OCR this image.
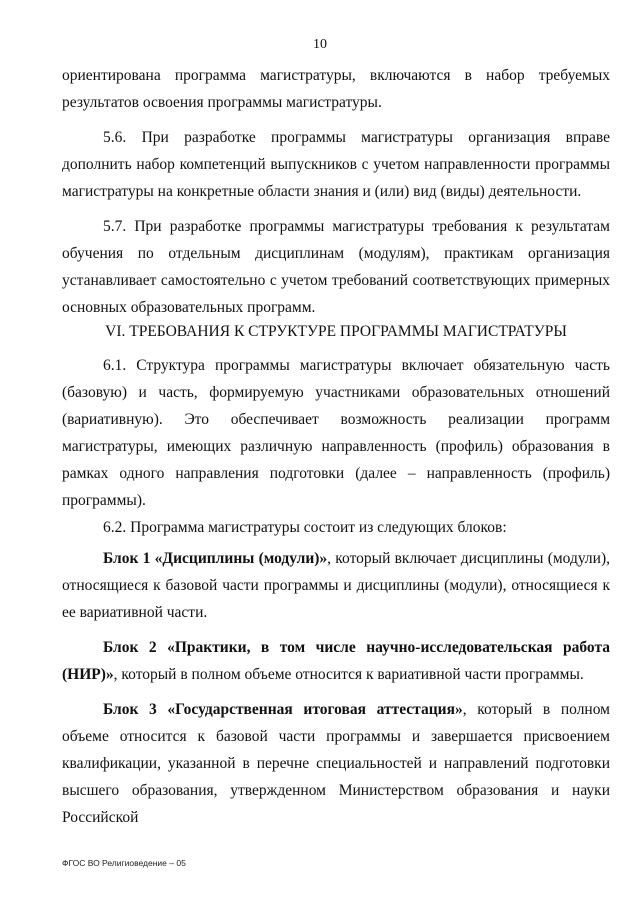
10

ориентирована программа магистратуры, включаются в набор требуемых результатов освоения программы магистратуры.

5.6. При разработке программы магистратуры организация вправе дополнить набор компетенций выпускников с учетом направленности программы магистратуры на конкретные области знания и (или) вид (виды) деятельности.

5.7. При разработке программы магистратуры требования к результатам обучения по отдельным дисциплинам (модулям), практикам организация устанавливает самостоятельно с учетом требований соответствующих примерных основных образовательных программ.

VI. ТРЕБОВАНИЯ К СТРУКТУРЕ ПРОГРАММЫ МАГИСТРАТУРЫ

6.1. Структура программы магистратуры включает обязательную часть (базовую) и часть, формируемую участниками образовательных отношений (вариативную). Это обеспечивает возможность реализации программ магистратуры, имеющих различную направленность (профиль) образования в рамках одного направления подготовки (далее – направленность (профиль) программы).

6.2. Программа магистратуры состоит из следующих блоков:

Блок 1 «Дисциплины (модули)», который включает дисциплины (модули), относящиеся к базовой части программы и дисциплины (модули), относящиеся к ее вариативной части.

Блок 2 «Практики, в том числе научно-исследовательская работа (НИР)», который в полном объеме относится к вариативной части программы.

Блок 3 «Государственная итоговая аттестация», который в полном объеме относится к базовой части программы и завершается присвоением квалификации, указанной в перечне специальностей и направлений подготовки высшего образования, утвержденном Министерством образования и науки Российской

ФГОС ВО Религиоведение – 05
